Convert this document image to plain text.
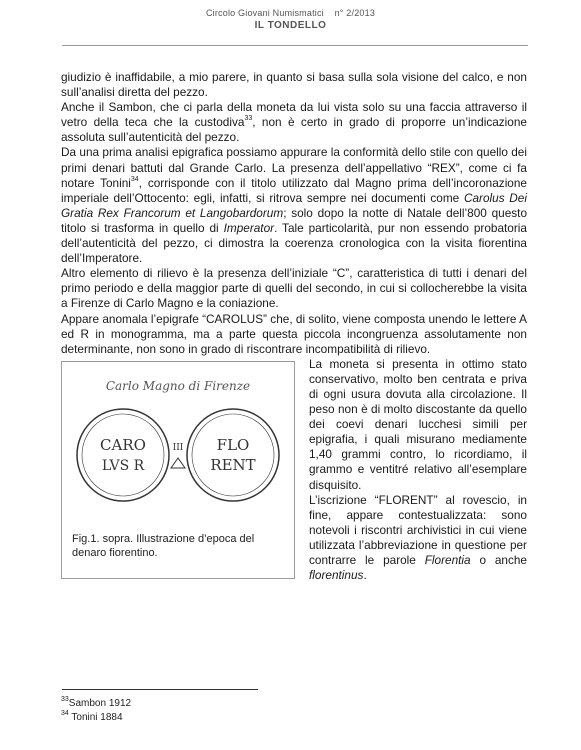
Circolo Giovani Numismatici n° 2/2013
IL TONDELLO

giudizio è inaffidabile, a mio parere, in quanto si basa sulla sola visione del calco, e non sull’analisi diretta del pezzo.

Anche il Sambon, che ci parla della moneta da lui vista solo su una faccia attraverso il vetro della teca che la custodiva$^{33}$, non è certo in grado di proporre un’indicazione assoluta sull’autenticità del pezzo.

Da una prima analisi epigrafica possiamo appurare la conformità dello stile con quello dei primi denari battuti dal Grande Carlo. La presenza dell’appellativo “REX”, come ci fa notare Tonini$^{34}$, corrisponde con il titolo utilizzato dal Magno prima dell’incoronazione imperiale dell’Ottocento: egli, infatti, si ritrova sempre nei documenti come Carolus Dei Gratia Rex Francorum et Langobardorum; solo dopo la notte di Natale dell’800 questo titolo si trasforma in quello di Imperator. Tale particolarità, pur non essendo probatoria dell’autenticità del pezzo, ci dimostra la coerenza cronologica con la visita fiorentina dell’Imperatore.

Altro elemento di rilievo è la presenza dell’iniziale “C”, caratteristica di tutti i denari del primo periodo e della maggior parte di quelli del secondo, in cui si collocherebbe la visita a Firenze di Carlo Magno e la coniazione.

Appare anomala l’epigrafe “CAROLUS” che, di solito, viene composta unendo le lettere A ed R in monogramma, ma a parte questa piccola incongruenza assolutamente non determinante, non sono in grado di riscontrare incompatibilità di rilievo.

Carlo Magno di Firenze
CARO
LVS R
III FLO
RENT
Fig.1. sopra. Illustrazione d’epoca del denaro fiorentino.

La moneta si presenta in ottimo stato conservativo, molto ben centrata e priva di ogni usura dovuta alla circolazione. Il peso non è di molto discostante da quello dei coevi denari lucchesi simili per epigrafia, i quali misurano mediamente 1,40 grammi contro, lo ricordiamo, il grammo e ventitré relativo all’esemplare disquisito.

L’iscrizione “FLORENT” al rovescio, in fine, appare contestualizzata: sono notevoli i riscontri archivistici in cui viene utilizzata l’abbreviazione in questione per contrarre le parole Florentia o anche florentinus.

$^{33}$Sambon 1912
$^{34}$ Tonini 1884
